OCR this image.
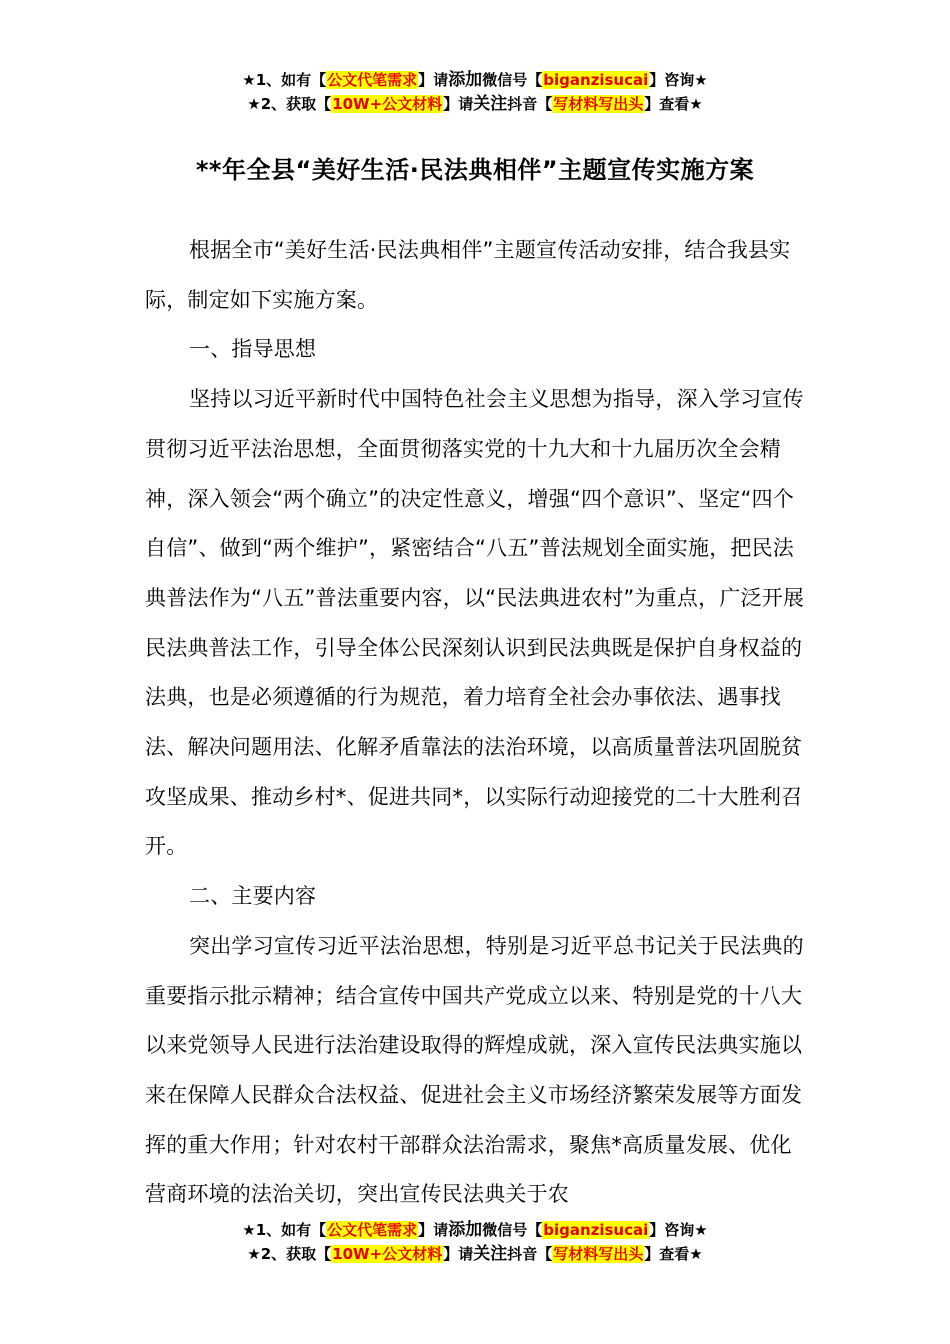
★1、如有【公文代笔需求】请添加微信号【biganzisucai】咨询★
★2、获取【10W+公文材料】请关注抖音【写材料写出头】查看★
**年全县“美好生活·民法典相伴”主题宣传实施方案

根据全市“美好生活·民法典相伴”主题宣传活动安排，结合我县实际，制定如下实施方案。

一、指导思想

坚持以习近平新时代中国特色社会主义思想为指导，深入学习宣传贯彻习近平法治思想，全面贯彻落实党的十九大和十九届历次全会精神，深入领会“两个确立”的决定性意义，增强“四个意识”、坚定“四个自信”、做到“两个维护”，紧密结合“八五”普法规划全面实施，把民法典普法作为“八五”普法重要内容，以“民法典进农村”为重点，广泛开展民法典普法工作，引导全体公民深刻认识到民法典既是保护自身权益的法典，也是必须遵循的行为规范，着力培育全社会办事依法、遇事找法、解决问题用法、化解矛盾靠法的法治环境，以高质量普法巩固脱贫攻坚成果、推动乡村*、促进共同*，以实际行动迎接党的二十大胜利召开。

二、主要内容

突出学习宣传习近平法治思想，特别是习近平总书记关于民法典的重要指示批示精神；结合宣传中国共产党成立以来、特别是党的十八大以来党领导人民进行法治建设取得的辉煌成就，深入宣传民法典实施以来在保障人民群众合法权益、促进社会主义市场经济繁荣发展等方面发挥的重大作用；针对农村干部群众法治需求，聚焦*高质量发展、优化营商环境的法治关切，突出宣传民法典关于农

★1、如有【公文代笔需求】请添加微信号【biganzisucai】咨询★
★2、获取【10W+公文材料】请关注抖音【写材料写出头】查看★
